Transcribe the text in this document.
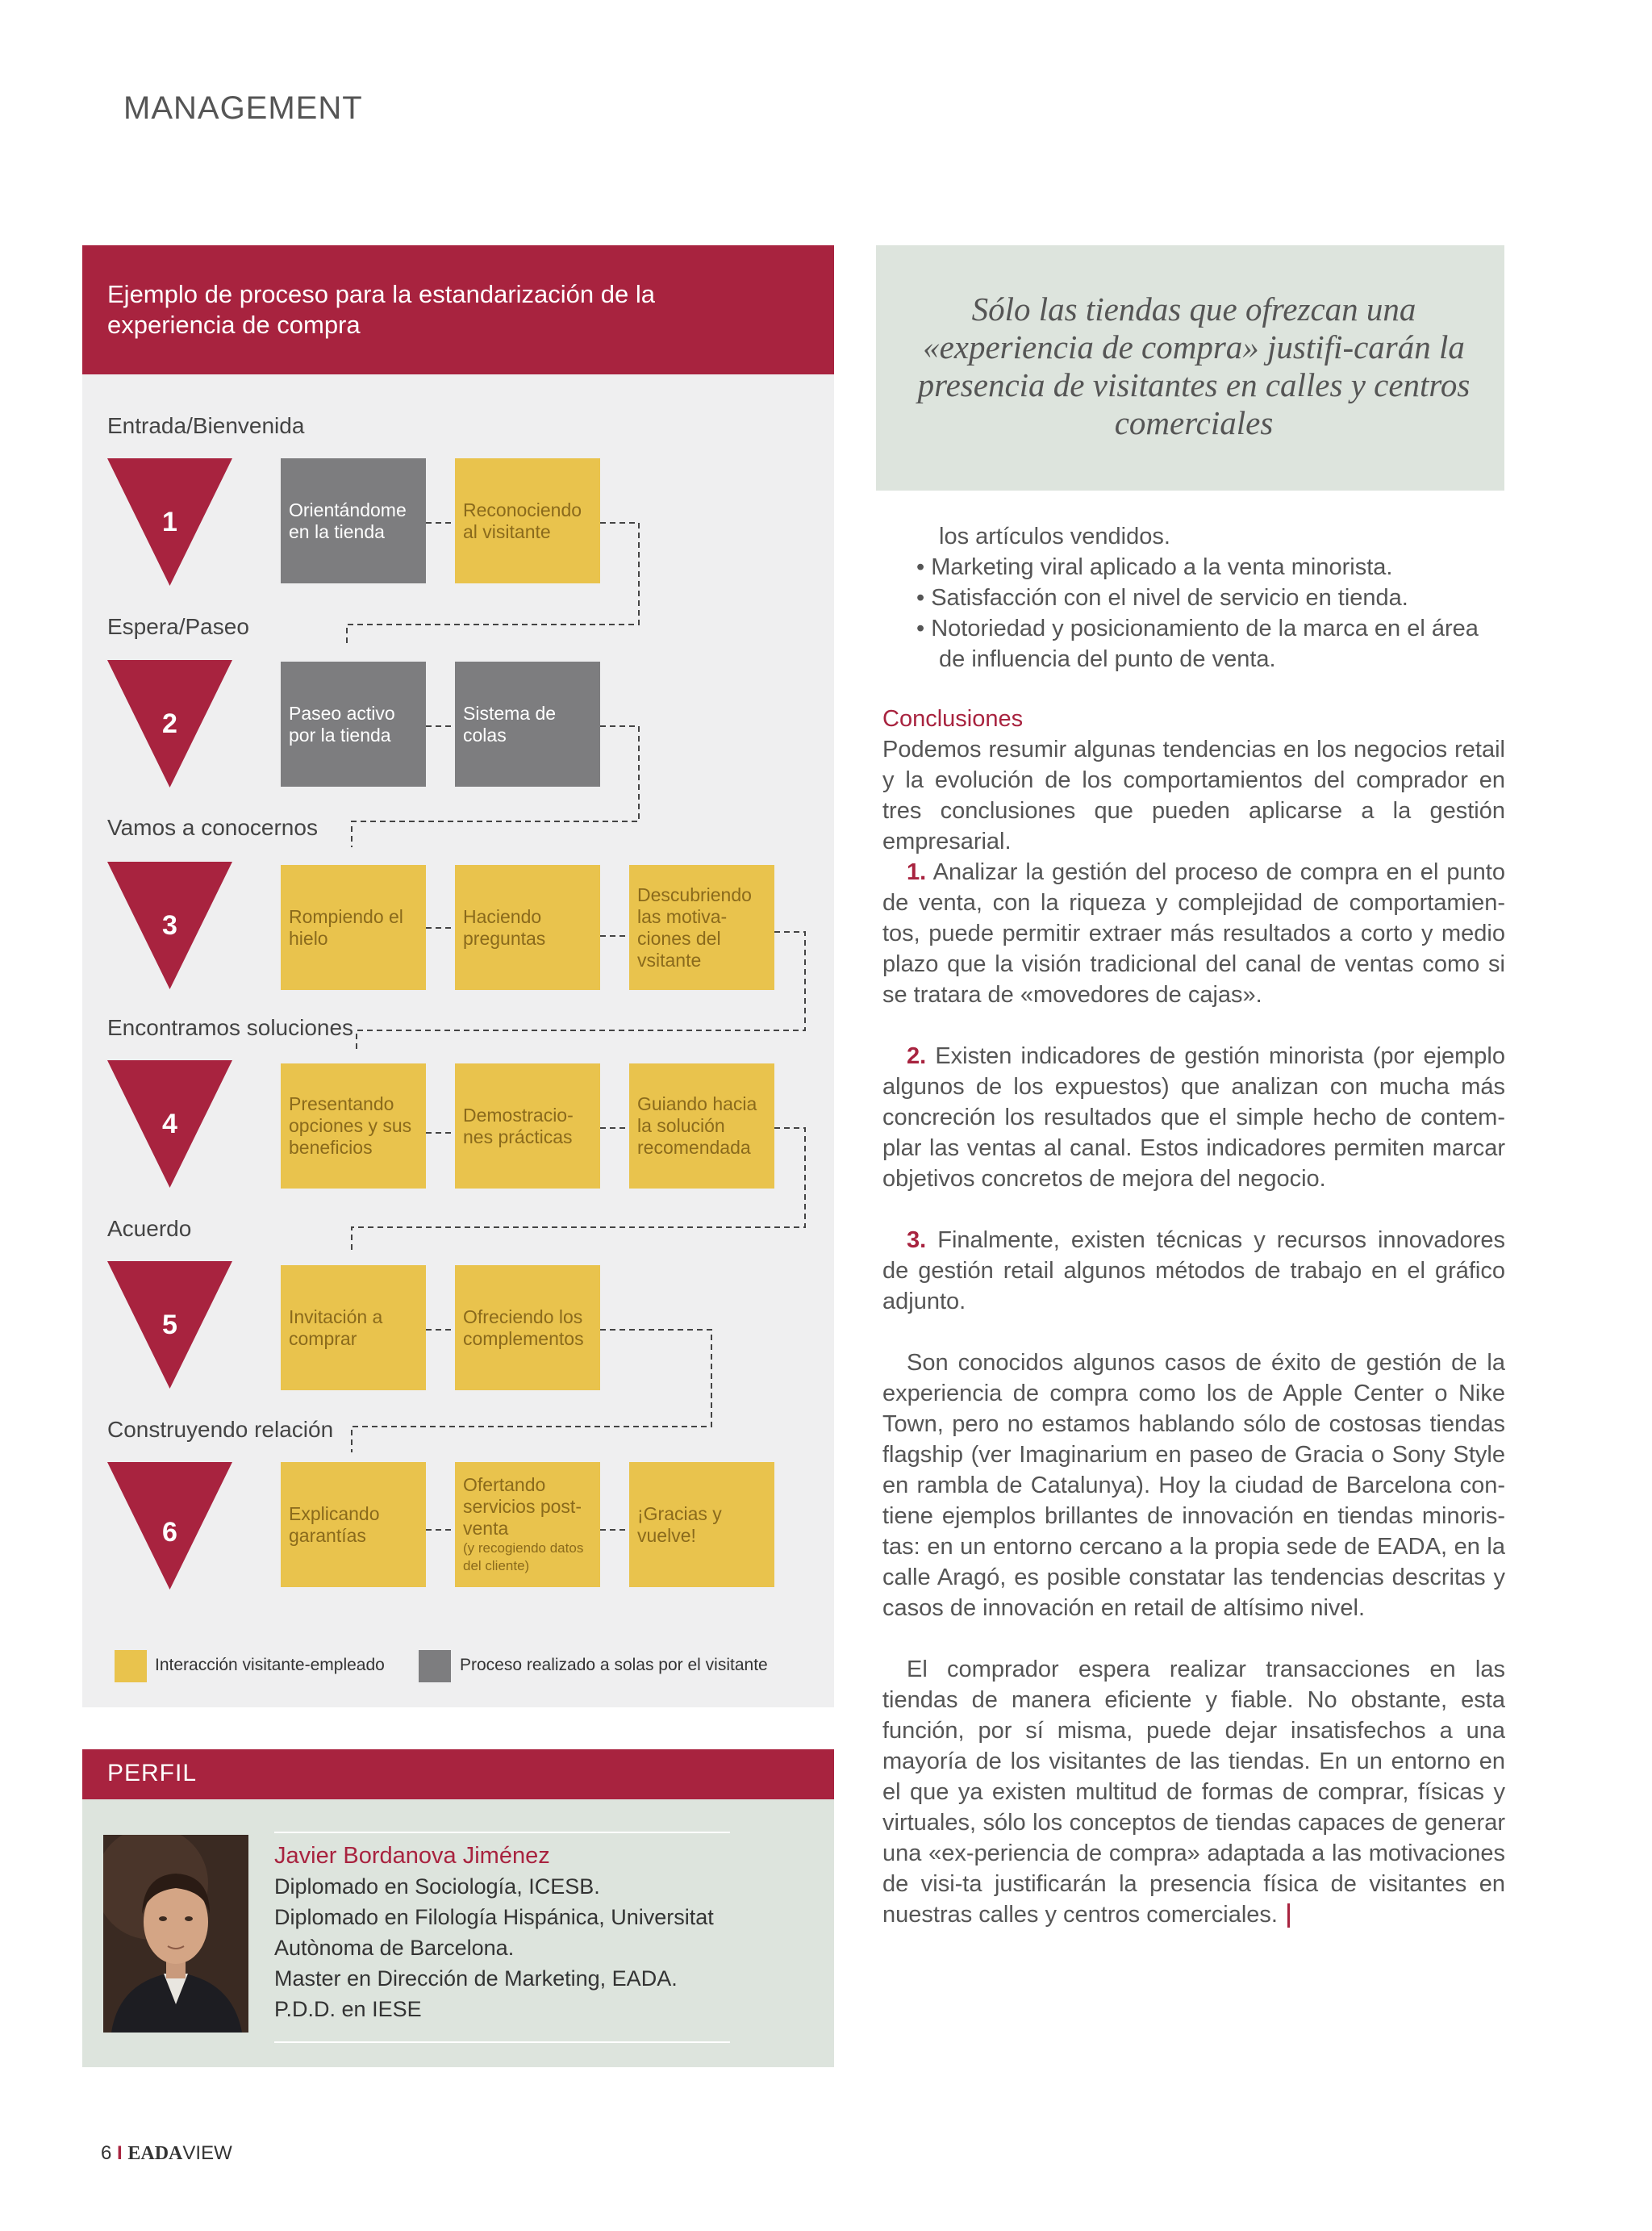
MANAGEMENT
Ejemplo de proceso para la estandarización de la experiencia de compra
Entrada/Bienvenida
1	Orientándome en la tienda
Reconociendo al visitante
Espera/Paseo
2	Paseo activo por la tienda
Sistema de colas
Vamos a conocernos
3	Rompiendo el hielo
Haciendo preguntas
Descubriendo las motiva-ciones del vsitante
Encontramos soluciones
4
Presentando opciones y sus beneficios
Demostracio-nes prácticas
Guiando hacia la solución recomendada
Acuerdo
5	Invitación a comprar
Ofreciendo los complementos
Construyendo relación
6
Explicando garantías
Ofertando servicios post-venta
(y recogiendo datos del cliente)
¡Gracias y vuelve!
Interacción visitante-empleado	Proceso realizado a solas por el visitante
PERFIL
Javier Bordanova Jiménez
Diplomado en Sociología, ICESB.
Diplomado en Filología Hispánica, Universitat
Autònoma de Barcelona.
Master en Dirección de Marketing, EADA.
P.D.D. en IESE
Sólo las tiendas que ofrezcan una «experiencia de compra» justifi-carán la presencia de visitantes en calles y centros comerciales
los artículos vendidos.
• Marketing viral aplicado a la venta minorista.
• Satisfacción con el nivel de servicio en tienda.
• Notoriedad y posicionamiento de la marca en el área de influencia del punto de venta.
Conclusiones
Podemos resumir algunas tendencias en los negocios retail y la evolución de los comportamientos del comprador en tres conclusiones que pueden aplicarse a la gestión empresarial.
1. Analizar la gestión del proceso de compra en el punto de venta, con la riqueza y complejidad de comportamien-tos, puede permitir extraer más resultados a corto y medio plazo que la visión tradicional del canal de ventas como si se tratara de «movedores de cajas».
2. Existen indicadores de gestión minorista (por ejemplo algunos de los expuestos) que analizan con mucha más concreción los resultados que el simple hecho de contem-plar las ventas al canal. Estos indicadores permiten marcar objetivos concretos de mejora del negocio.
3. Finalmente, existen técnicas y recursos innovadores de gestión retail algunos métodos de trabajo en el gráfico adjunto.
Son conocidos algunos casos de éxito de gestión de la experiencia de compra como los de Apple Center o Nike Town, pero no estamos hablando sólo de costosas tiendas flagship (ver Imaginarium en paseo de Gracia o Sony Style en rambla de Catalunya). Hoy la ciudad de Barcelona con-tiene ejemplos brillantes de innovación en tiendas minoris-tas: en un entorno cercano a la propia sede de EADA, en la calle Aragó, es posible constatar las tendencias descritas y casos de innovación en retail de altísimo nivel.
El comprador espera realizar transacciones en las tiendas de manera eficiente y fiable. No obstante, esta función, por sí misma, puede dejar insatisfechos a una mayoría de los visitantes de las tiendas. En un entorno en el que ya existen multitud de formas de comprar, físicas y virtuales, sólo los conceptos de tiendas capaces de generar una «ex-periencia de compra» adaptada a las motivaciones de visi-ta justificarán la presencia física de visitantes en nuestras calles y centros comerciales.
6 I EADAVIEW
